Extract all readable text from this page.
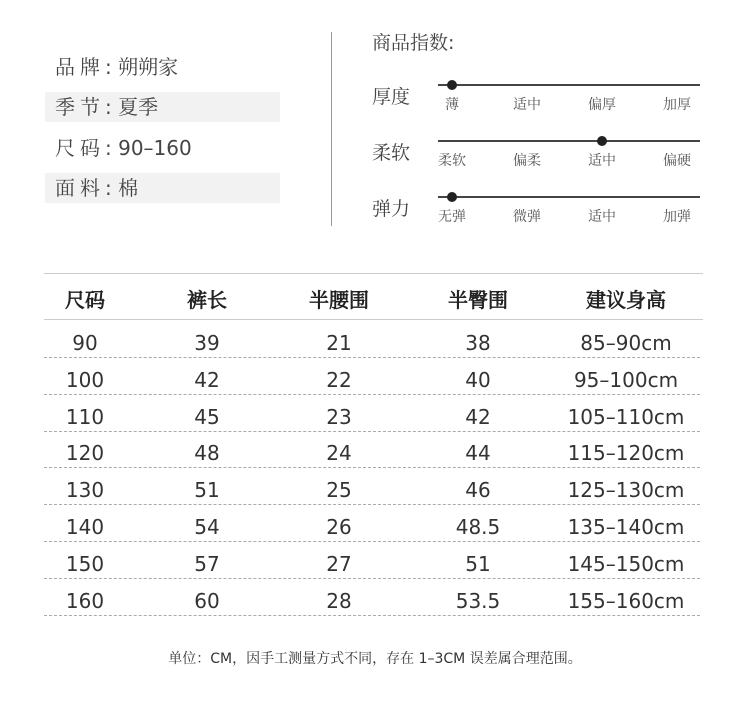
品牌: 朔朔家
季节: 夏季
尺码: 90–160
面料: 棉
商品指数:
厚度 薄	适中	偏厚	加厚
柔软 柔软	偏柔	适中	偏硬
弹力 无弹	微弹	适中	加弹
尺码	裤长	半腰围	半臀围	建议身高
90	39	21	38	85–90cm
100	42	22	40	95–100cm
110	45	23	42	105–110cm
120	48	24	44	115–120cm
130	51	25	46	125–130cm
140	54	26	48.5	135–140cm
150	57	27	51	145–150cm
160	60	28	53.5	155–160cm
单位：CM，因手工测量方式不同，存在 1–3CM 误差属合理范围。
